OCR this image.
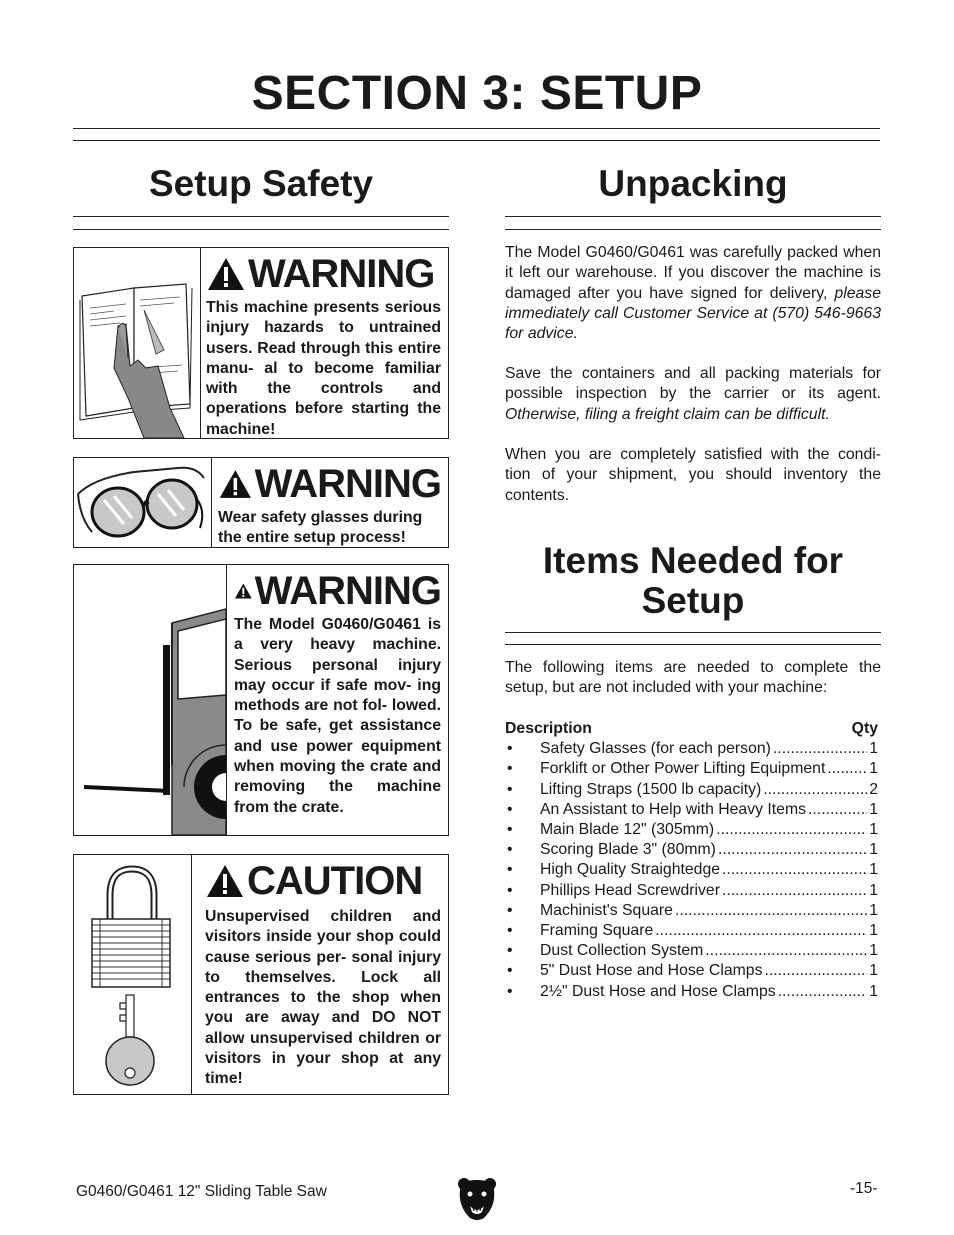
SECTION 3: SETUP
Setup Safety
WARNING
This machine presents serious injury hazards to untrained users. Read through this entire manu- al to become familiar with the controls and operations before starting the machine!
WARNING
Wear safety glasses during the entire setup process!
WARNING
The Model G0460/G0461 is a very heavy machine. Serious personal injury may occur if safe mov- ing methods are not fol- lowed. To be safe, get assistance and use power equipment when moving the crate and removing the machine from the crate.
CAUTION
Unsupervised children and visitors inside your shop could cause serious per- sonal injury to themselves. Lock all entrances to the shop when you are away and DO NOT allow unsupervised children or visitors in your shop at any time!
Unpacking
The Model G0460/G0461 was carefully packed when it left our warehouse. If you discover the machine is damaged after you have signed for delivery, please immediately call Customer Service at (570) 546-9663 for advice.
Save the containers and all packing materials for possible inspection by the carrier or its agent. Otherwise, filing a freight claim can be difficult.
When you are completely satisfied with the condi- tion of your shipment, you should inventory the contents.
Items Needed for
Setup
The following items are needed to complete the setup, but are not included with your machine:
Description	Qty
•	Safety Glasses (for each person) .....	1
•	Forklift or Other Power Lifting Equipment .....	1
•	Lifting Straps (1500 lb capacity) .....	2
•	An Assistant to Help with Heavy Items .....	1
•	Main Blade 12" (305mm) .....	1
•	Scoring Blade 3" (80mm) .....	1
•	High Quality Straightedge .....	1
•	Phillips Head Screwdriver .....	1
•	Machinist's Square .....	1
•	Framing Square .....	1
•	Dust Collection System .....	1
•	5" Dust Hose and Hose Clamps .....	1
•	2½" Dust Hose and Hose Clamps .....	1
G0460/G0461 12" Sliding Table Saw	-15-
